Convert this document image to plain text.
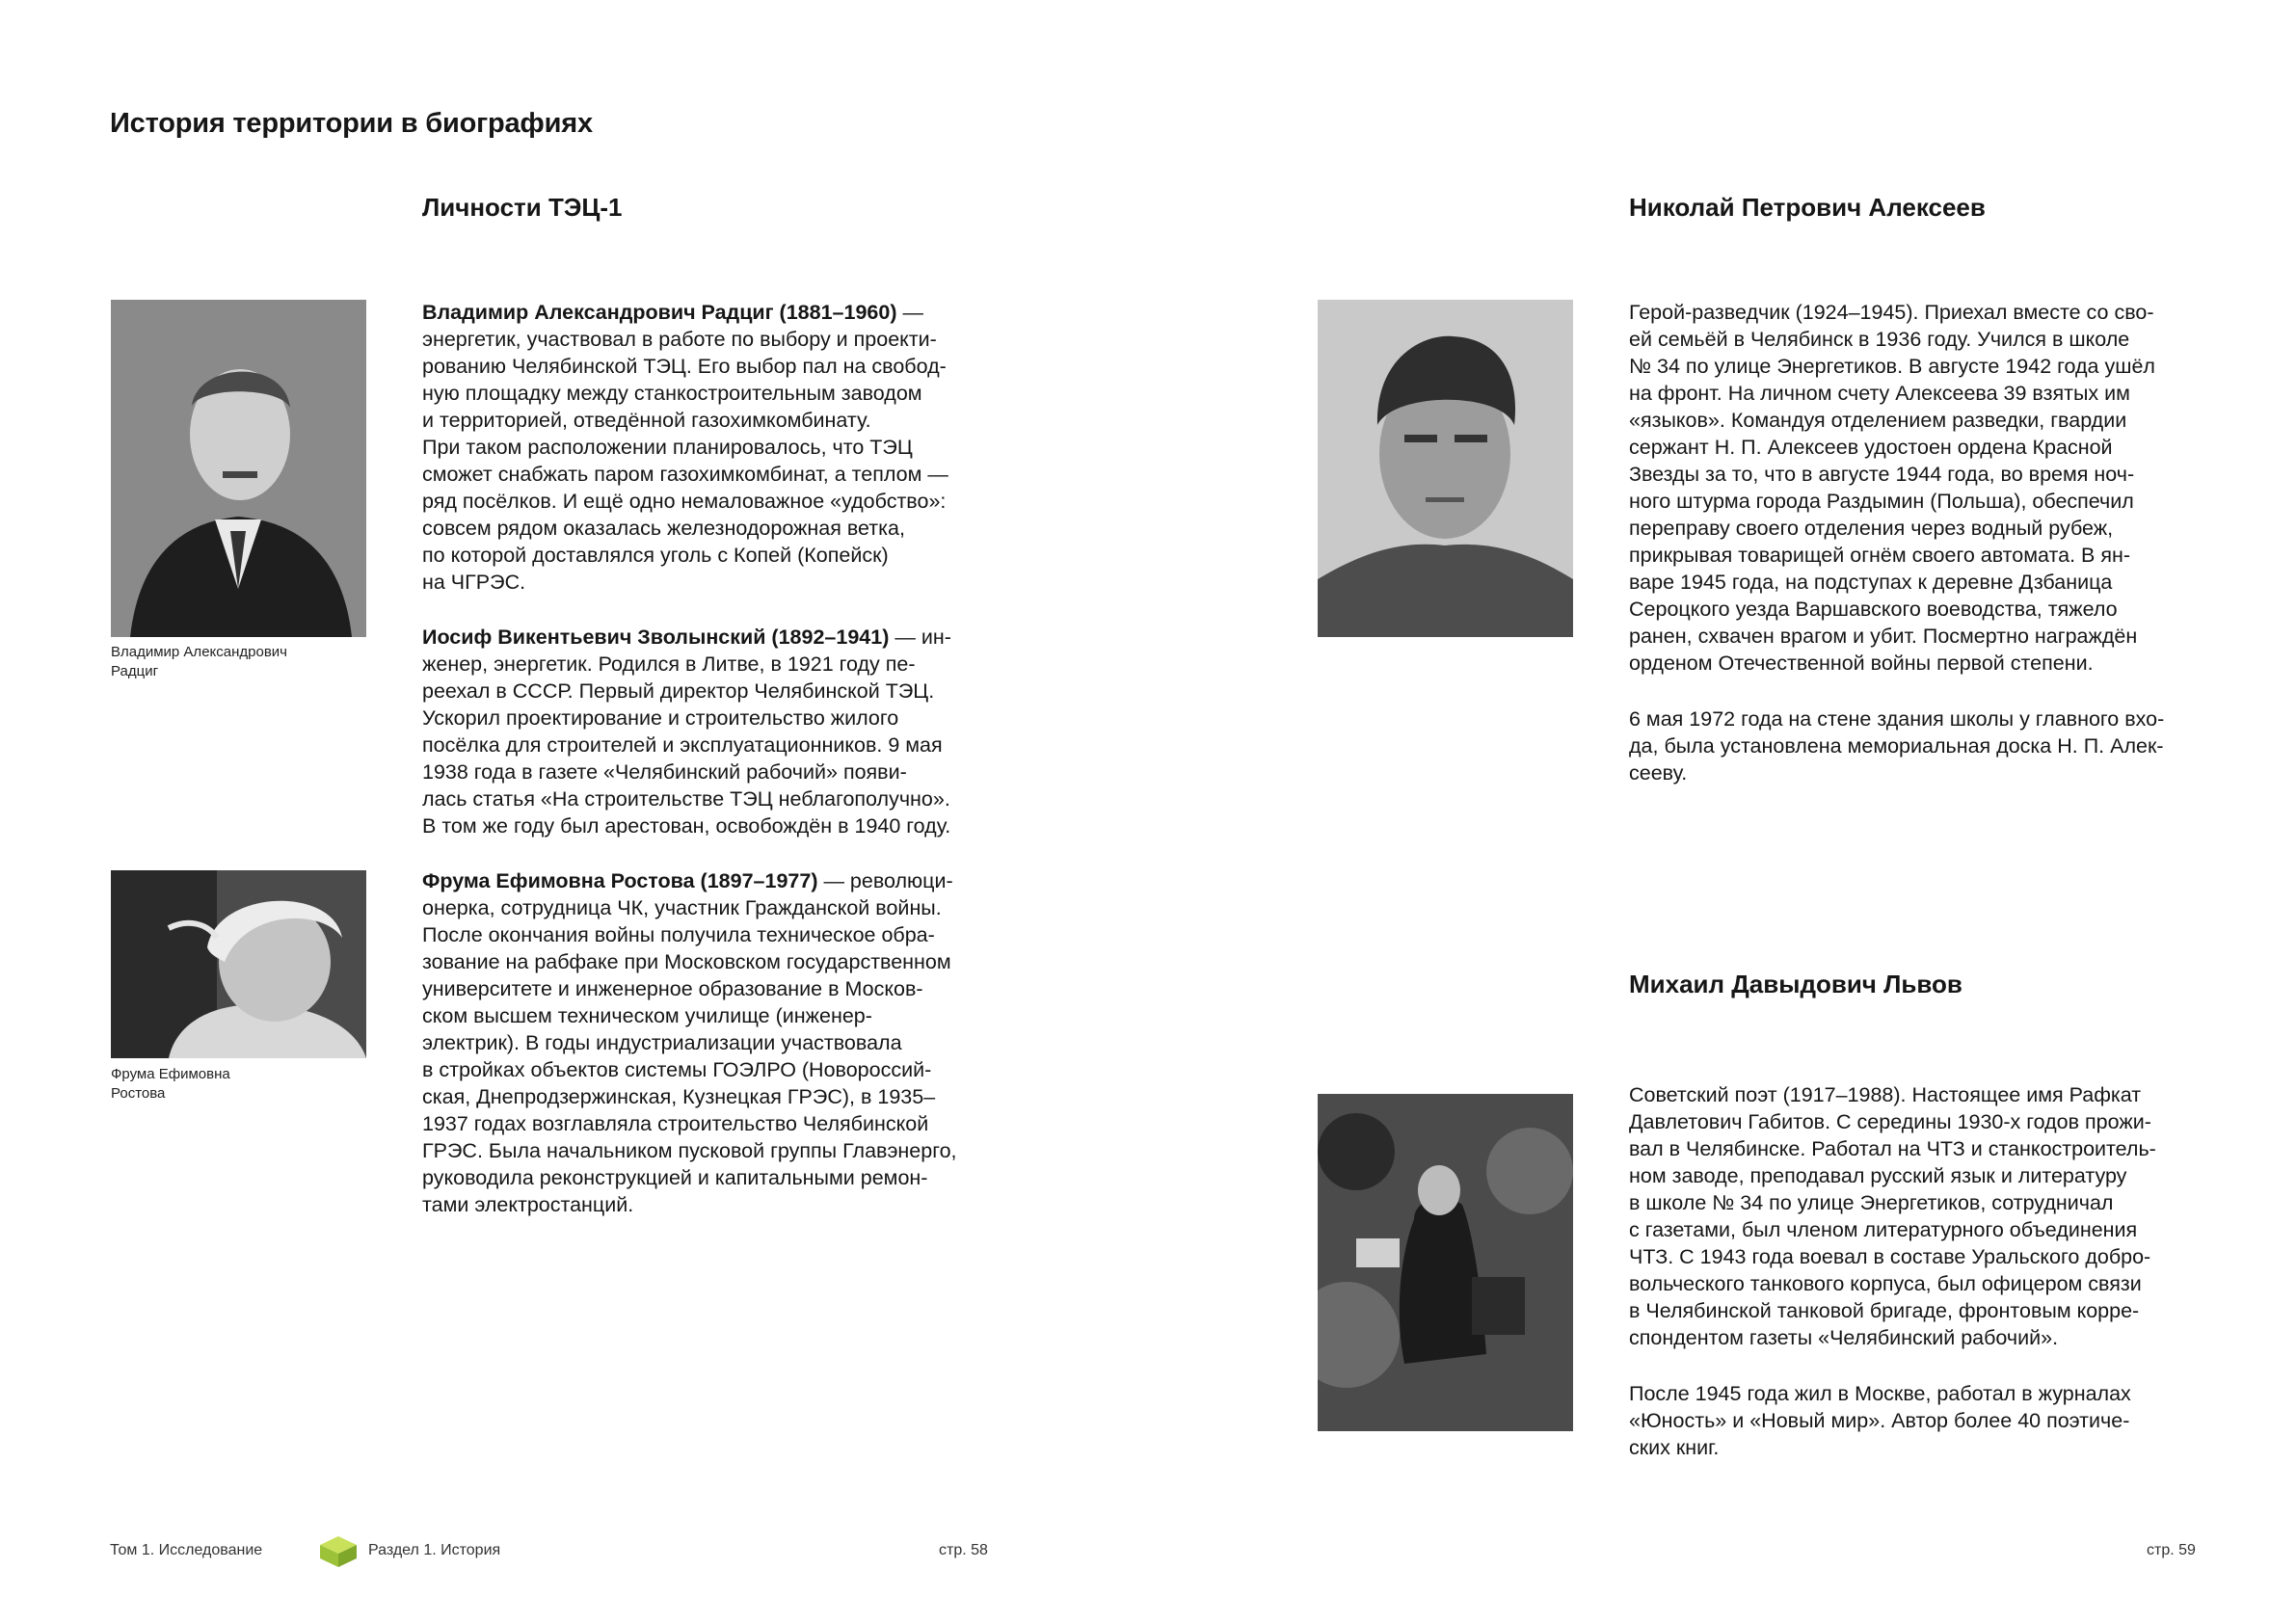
История территории в биографиях
Личности ТЭЦ-1
Владимир Александрович
Радциг

Владимир Александрович Радциг (1881–1960) —
энергетик, участвовал в работе по выбору и проекти-
рованию Челябинской ТЭЦ. Его выбор пал на свобод-
ную площадку между станкостроительным заводом
и территорией, отведённой газохимкомбинату.
При таком расположении планировалось, что ТЭЦ
сможет снабжать паром газохимкомбинат, а теплом —
ряд посёлков. И ещё одно немаловажное «удобство»:
совсем рядом оказалась железнодорожная ветка,
по которой доставлялся уголь с Копей (Копейск)
на ЧГРЭС.

Иосиф Викентьевич Зволынский (1892–1941) — ин-
женер, энергетик. Родился в Литве, в 1921 году пе-
реехал в СССР. Первый директор Челябинской ТЭЦ.
Ускорил проектирование и строительство жилого
посёлка для строителей и эксплуатационников. 9 мая
1938 года в газете «Челябинский рабочий» появи-
лась статья «На строительстве ТЭЦ неблагополучно».
В том же году был арестован, освобождён в 1940 году.

Фрума Ефимовна
Ростова

Фрума Ефимовна Ростова (1897–1977) — революци-
онерка, сотрудница ЧК, участник Гражданской войны.
После окончания войны получила техническое обра-
зование на рабфаке при Московском государственном
университете и инженерное образование в Москов-
ском высшем техническом училище (инженер-
электрик). В годы индустриализации участвовала
в стройках объектов системы ГОЭЛРО (Новороссий-
ская, Днепродзержинская, Кузнецкая ГРЭС), в 1935–
1937 годах возглавляла строительство Челябинской
ГРЭС. Была начальником пусковой группы Главэнерго,
руководила реконструкцией и капитальными ремон-
тами электростанций.

Николай Петрович Алексеев

Герой-разведчик (1924–1945). Приехал вместе со сво-
ей семьёй в Челябинск в 1936 году. Учился в школе
№ 34 по улице Энергетиков. В августе 1942 года ушёл
на фронт. На личном счету Алексеева 39 взятых им
«языков». Командуя отделением разведки, гвардии
сержант Н. П. Алексеев удостоен ордена Красной
Звезды за то, что в августе 1944 года, во время ноч-
ного штурма города Раздымин (Польша), обеспечил
переправу своего отделения через водный рубеж,
прикрывая товарищей огнём своего автомата. В ян-
варе 1945 года, на подступах к деревне Дзбаница
Сероцкого уезда Варшавского воеводства, тяжело
ранен, схвачен врагом и убит. Посмертно награждён
орденом Отечественной войны первой степени.

6 мая 1972 года на стене здания школы у главного вхо-
да, была установлена мемориальная доска Н. П. Алек-
сееву.

Михаил Давыдович Львов

Советский поэт (1917–1988). Настоящее имя Рафкат
Давлетович Габитов. С середины 1930-х годов прожи-
вал в Челябинске. Работал на ЧТЗ и станкостроитель-
ном заводе, преподавал русский язык и литературу
в школе № 34 по улице Энергетиков, сотрудничал
с газетами, был членом литературного объединения
ЧТЗ. С 1943 года воевал в составе Уральского добро-
вольческого танкового корпуса, был офицером связи
в Челябинской танковой бригаде, фронтовым корре-
спондентом газеты «Челябинский рабочий».

После 1945 года жил в Москве, работал в журналах
«Юность» и «Новый мир». Автор более 40 поэтиче-
ских книг.

Том 1. Исследование	Раздел 1. История	стр. 58	стр. 59
